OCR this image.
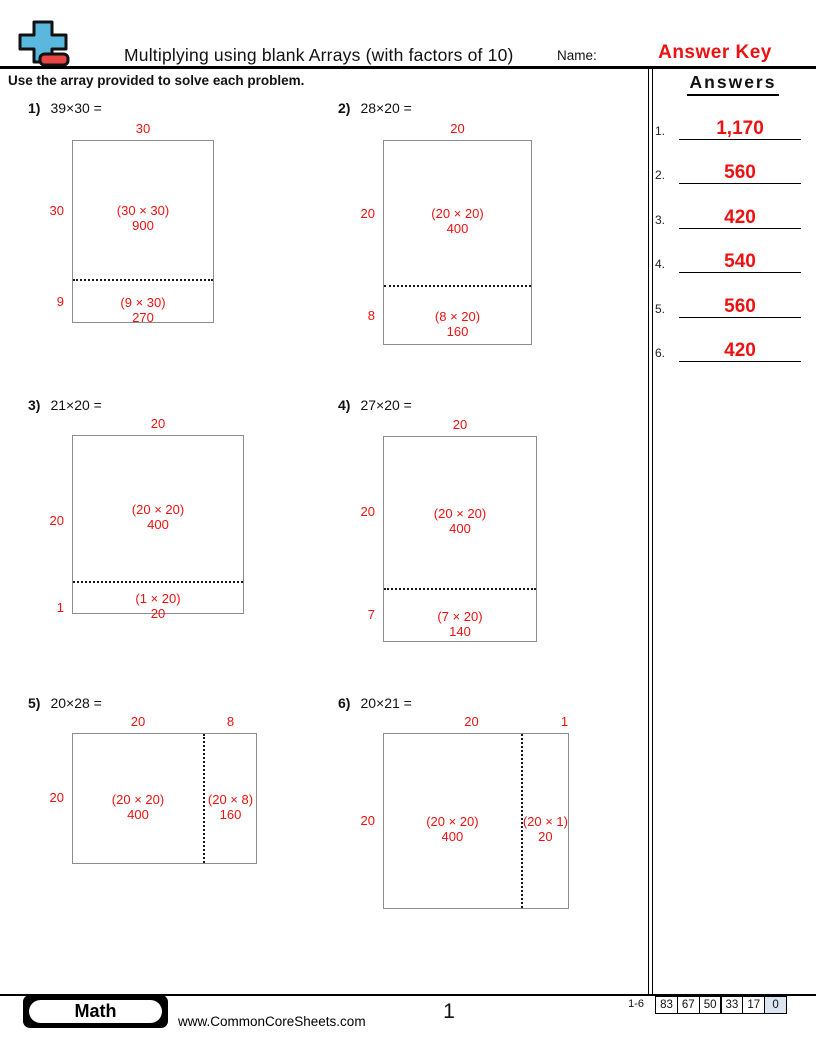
Multiplying using blank Arrays (with factors of 10)	Name:	Answer Key
Use the array provided to solve each problem.	Answers
1.	1,170
2.	560
3.	420
4.	540
5.	560
6.	420
1) 39×30 =
30
30
9
(30 × 30)
900
(9 × 30)
270
2) 28×20 =
20
20
8
(20 × 20)
400
(8 × 20)
160
3) 21×20 =
20
20
1
(20 × 20)
400
(1 × 20)
20
4) 27×20 =
20
20
7
(20 × 20)
400
(7 × 20)
140
5) 20×28 =
20	8
20	(20 × 20)
400
(20 × 8)
160
6) 20×21 =
20	1
20	(20 × 20)
400
(20 × 1)
20
Math
www.CommonCoreSheets.com	1	1-6	83 67 50 33 17	0
